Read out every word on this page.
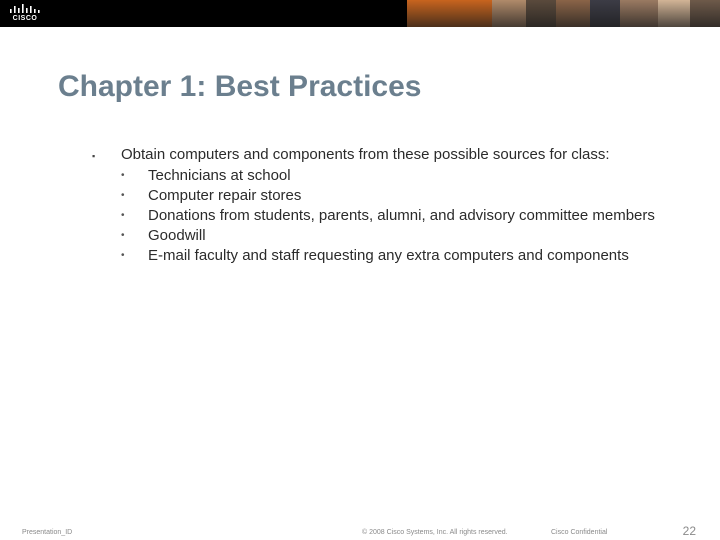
CISCO
Chapter 1: Best Practices
▪ Obtain computers and components from these possible sources for class:
• Technicians at school
• Computer repair stores
• Donations from students, parents, alumni, and advisory committee members
• Goodwill
• E-mail faculty and staff requesting any extra computers and components
Presentation_ID	© 2008 Cisco Systems, Inc. All rights reserved.	Cisco Confidential	22
